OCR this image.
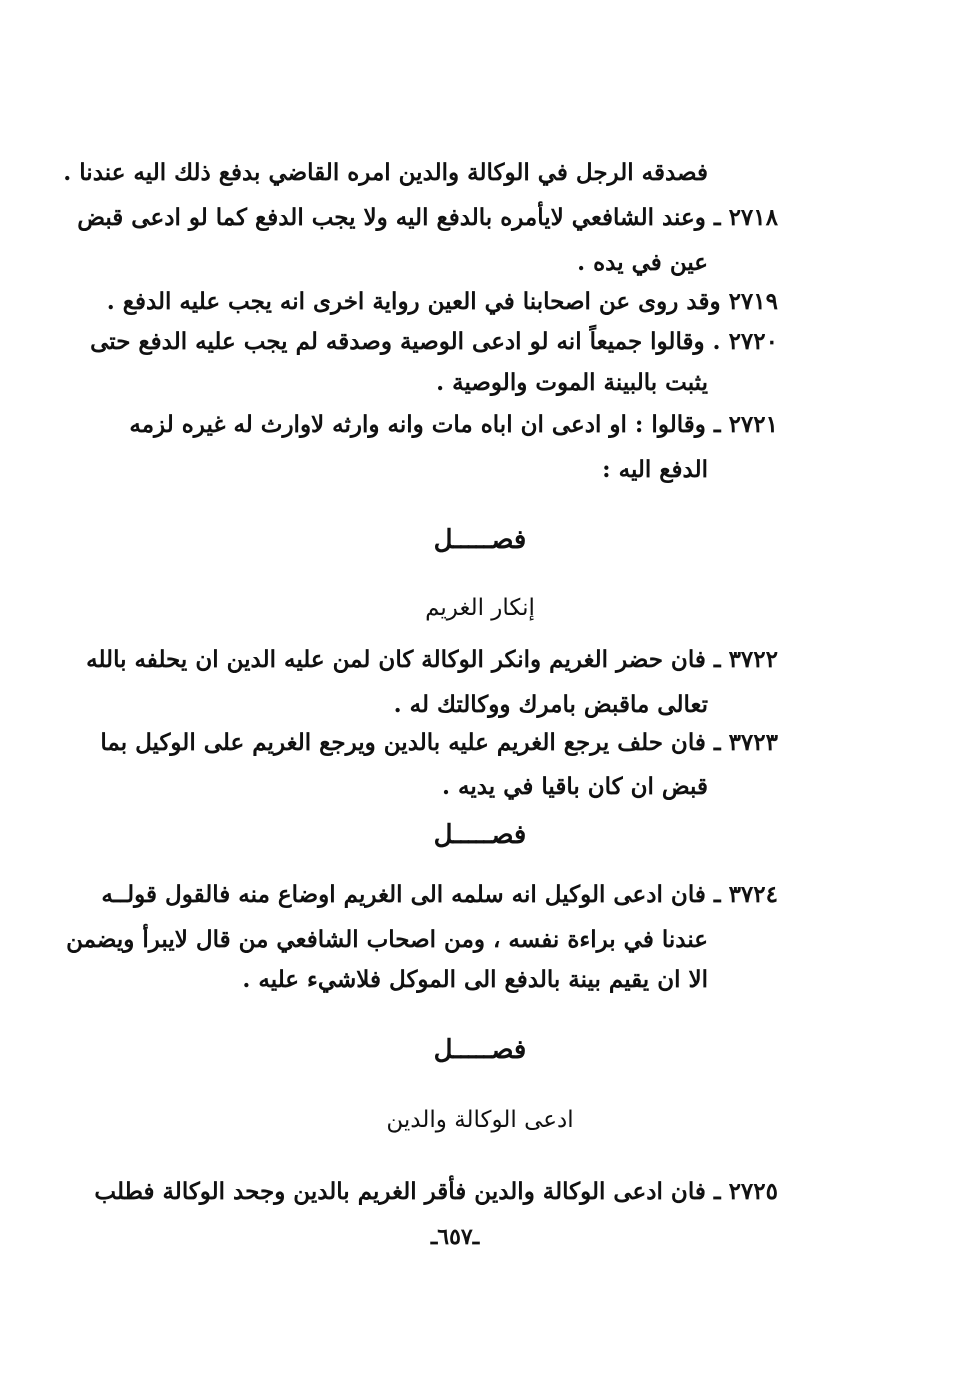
فصدقه الرجل في الوكالة والدين امره القاضي بدفع ذلك اليه عندنا .
٢٧١٨ ـ وعند الشافعي لايأمره بالدفع اليه ولا يجب الدفع كما لو ادعى قبض
عين في يده .
٢٧١٩ وقد روى عن اصحابنا في العين رواية اخرى انه يجب عليه الدفع .
٢٧٢٠ . وقالوا جميعاً انه لو ادعى الوصية وصدقه لم يجب عليه الدفع حتى
يثبت بالبينة الموت والوصية .
٢٧٢١ ـ وقالوا : او ادعى ان اباه مات وانه وارثه لاوارث له غيره لزمه
الدفع اليه :
فصـــــل
إنكار الغريم
٣٧٢٢ ـ فان حضر الغريم وانكر الوكالة كان لمن عليه الدين ان يحلفه بالله
تعالى ماقبض بامرك ووكالتك له .
٣٧٢٣ ـ فان حلف يرجع الغريم عليه بالدين ويرجع الغريم على الوكيل بما
قبض ان كان باقيا في يديه .
فصـــــل
٣٧٢٤ ـ فان ادعى الوكيل انه سلمه الى الغريم اوضاع منه فالقول قولــه
عندنا في براءة نفسه ، ومن اصحاب الشافعي من قال لايبرأ ويضمن
الا ان يقيم بينة بالدفع الى الموكل فلاشيء عليه .
فصـــــل
ادعى الوكالة والدين
٢٧٢٥ ـ فان ادعى الوكالة والدين فأقر الغريم بالدين وجحد الوكالة فطلب
ـ٦٥٧ـ
